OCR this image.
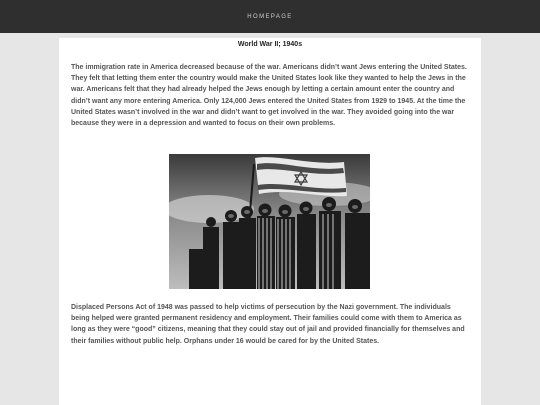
HOMEPAGE
World War II; 1940s

The immigration rate in America decreased because of the war. Americans didn’t want Jews entering the United States. They felt that letting them enter the country would make the United States look like they wanted to help the Jews in the war. Americans felt that they had already helped the Jews enough by letting a certain amount enter the country and didn’t want any more entering America. Only 124,000 Jews entered the United States from 1929 to 1945. At the time the United States wasn’t involved in the war and didn’t want to get involved in the war. They avoided going into the war because they were in a depression and wanted to focus on their own problems.

Displaced Persons Act of 1948 was passed to help victims of persecution by the Nazi government. The individuals being helped were granted permanent residency and employment. Their families could come with them to America as long as they were “good” citizens, meaning that they could stay out of jail and provided financially for themselves and their families without public help. Orphans under 16 would be cared for by the United States.
